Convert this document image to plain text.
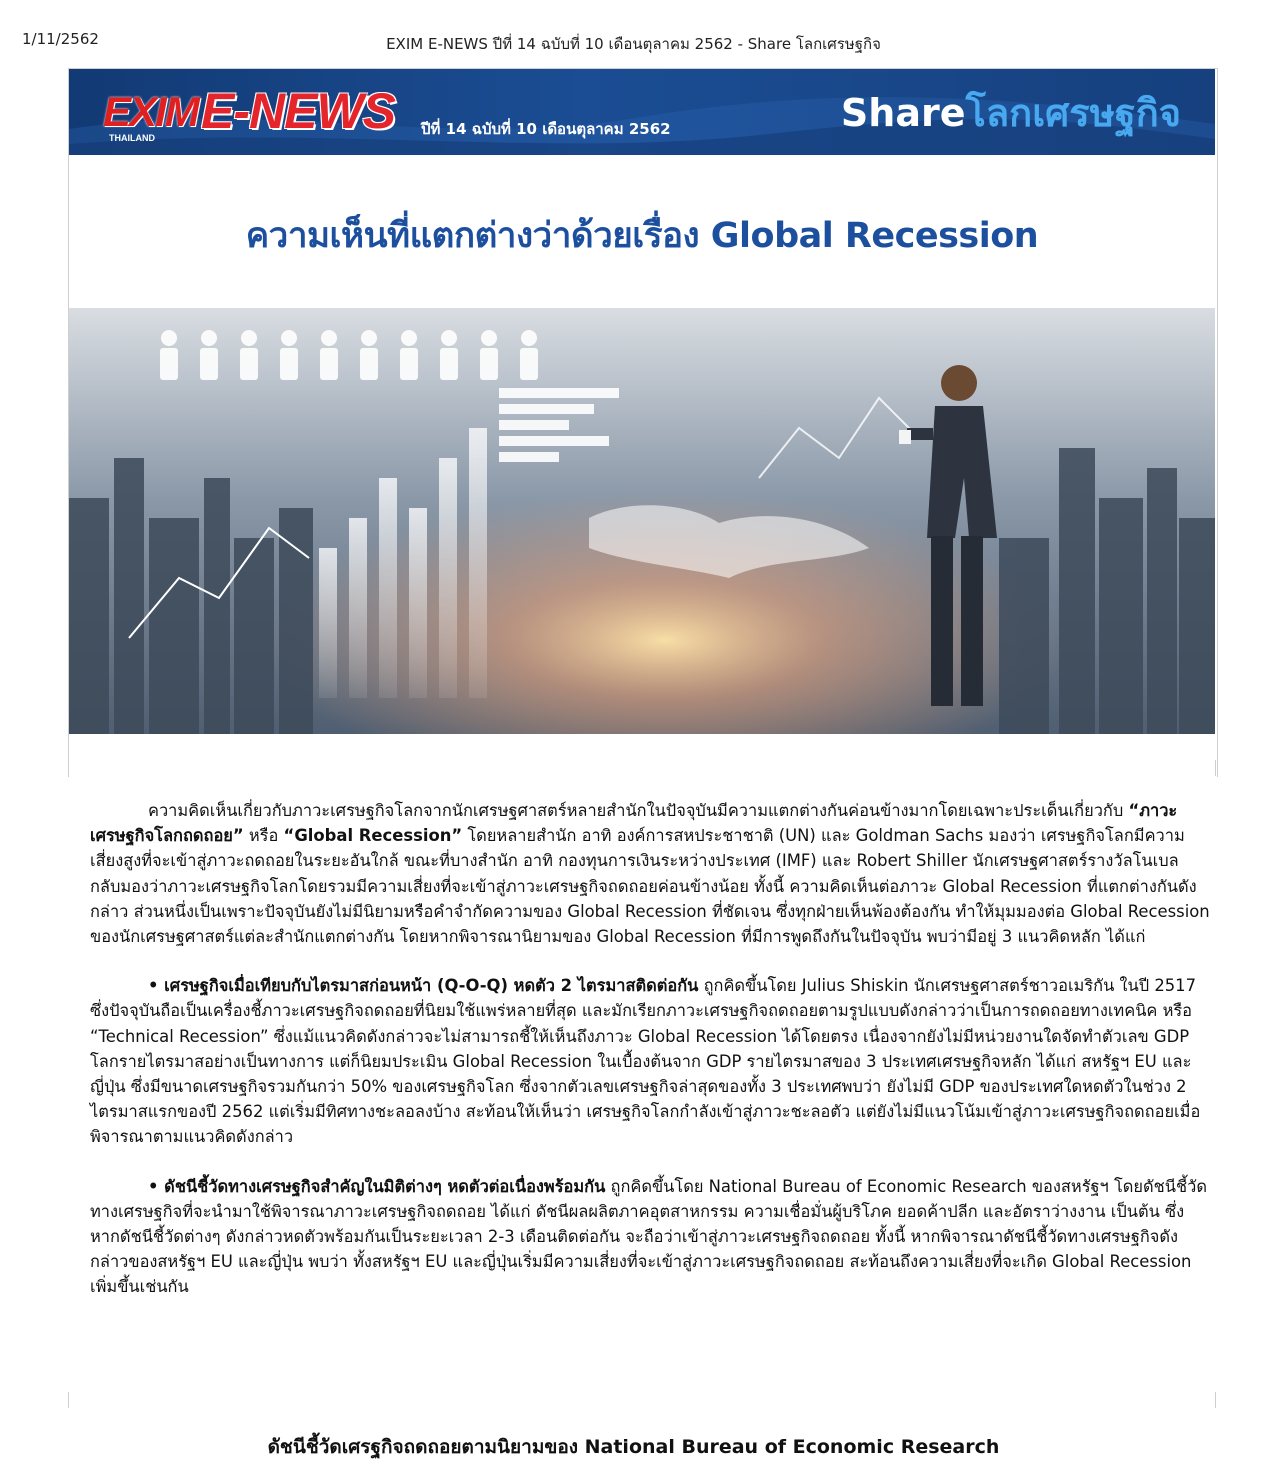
1/11/2562	EXIM E-NEWS ปีที่ 14 ฉบับที่ 10 เดือนตุลาคม 2562 - Share โลกเศรษฐกิจ
EXIM
THAILAND E-NEWS ปีที่ 14 ฉบับที่ 10 เดือนตุลาคม 2562	Shareโลกเศรษฐกิจ
ความเห็นที่แตกต่างว่าด้วยเรื่อง Global Recession

ความคิดเห็นเกี่ยวกับภาวะเศรษฐกิจโลกจากนักเศรษฐศาสตร์หลายสำนักในปัจจุบันมีความแตกต่างกันค่อนข้างมากโดยเฉพาะประเด็นเกี่ยวกับ “ภาวะเศรษฐกิจโลกถดถอย” หรือ “Global Recession” โดยหลายสำนัก อาทิ องค์การสหประชาชาติ (UN) และ Goldman Sachs มองว่า เศรษฐกิจโลกมีความเสี่ยงสูงที่จะเข้าสู่ภาวะถดถอยในระยะอันใกล้ ขณะที่บางสำนัก อาทิ กองทุนการเงินระหว่างประเทศ (IMF) และ Robert Shiller นักเศรษฐศาสตร์รางวัลโนเบล กลับมองว่าภาวะเศรษฐกิจโลกโดยรวมมีความเสี่ยงที่จะเข้าสู่ภาวะเศรษฐกิจถดถอยค่อนข้างน้อย ทั้งนี้ ความคิดเห็นต่อภาวะ Global Recession ที่แตกต่างกันดังกล่าว ส่วนหนึ่งเป็นเพราะปัจจุบันยังไม่มีนิยามหรือคำจำกัดความของ Global Recession ที่ชัดเจน ซึ่งทุกฝ่ายเห็นพ้องต้องกัน ทำให้มุมมองต่อ Global Recession ของนักเศรษฐศาสตร์แต่ละสำนักแตกต่างกัน โดยหากพิจารณานิยามของ Global Recession ที่มีการพูดถึงกันในปัจจุบัน พบว่ามีอยู่ 3 แนวคิดหลัก ได้แก่

• เศรษฐกิจเมื่อเทียบกับไตรมาสก่อนหน้า (Q-O-Q) หดตัว 2 ไตรมาสติดต่อกัน ถูกคิดขึ้นโดย Julius Shiskin นักเศรษฐศาสตร์ชาวอเมริกัน ในปี 2517 ซึ่งปัจจุบันถือเป็นเครื่องชี้ภาวะเศรษฐกิจถดถอยที่นิยมใช้แพร่หลายที่สุด และมักเรียกภาวะเศรษฐกิจถดถอยตามรูปแบบดังกล่าวว่าเป็นการถดถอยทางเทคนิค หรือ “Technical Recession” ซึ่งแม้แนวคิดดังกล่าวจะไม่สามารถชี้ให้เห็นถึงภาวะ Global Recession ได้โดยตรง เนื่องจากยังไม่มีหน่วยงานใดจัดทำตัวเลข GDP โลกรายไตรมาสอย่างเป็นทางการ แต่ก็นิยมประเมิน Global Recession ในเบื้องต้นจาก GDP รายไตรมาสของ 3 ประเทศเศรษฐกิจหลัก ได้แก่ สหรัฐฯ EU และญี่ปุ่น ซึ่งมีขนาดเศรษฐกิจรวมกันกว่า 50% ของเศรษฐกิจโลก ซึ่งจากตัวเลขเศรษฐกิจล่าสุดของทั้ง 3 ประเทศพบว่า ยังไม่มี GDP ของประเทศใดหดตัวในช่วง 2 ไตรมาสแรกของปี 2562 แต่เริ่มมีทิศทางชะลอลงบ้าง สะท้อนให้เห็นว่า เศรษฐกิจโลกกำลังเข้าสู่ภาวะชะลอตัว แต่ยังไม่มีแนวโน้มเข้าสู่ภาวะเศรษฐกิจถดถอยเมื่อพิจารณาตามแนวคิดดังกล่าว

• ดัชนีชี้วัดทางเศรษฐกิจสำคัญในมิติต่างๆ หดตัวต่อเนื่องพร้อมกัน ถูกคิดขึ้นโดย National Bureau of Economic Research ของสหรัฐฯ โดยดัชนีชี้วัดทางเศรษฐกิจที่จะนำมาใช้พิจารณาภาวะเศรษฐกิจถดถอย ได้แก่ ดัชนีผลผลิตภาคอุตสาหกรรม ความเชื่อมั่นผู้บริโภค ยอดค้าปลีก และอัตราว่างงาน เป็นต้น ซึ่งหากดัชนีชี้วัดต่างๆ ดังกล่าวหดตัวพร้อมกันเป็นระยะเวลา 2-3 เดือนติดต่อกัน จะถือว่าเข้าสู่ภาวะเศรษฐกิจถดถอย ทั้งนี้ หากพิจารณาดัชนีชี้วัดทางเศรษฐกิจดังกล่าวของสหรัฐฯ EU และญี่ปุ่น พบว่า ทั้งสหรัฐฯ EU และญี่ปุ่นเริ่มมีความเสี่ยงที่จะเข้าสู่ภาวะเศรษฐกิจถดถอย สะท้อนถึงความเสี่ยงที่จะเกิด Global Recession เพิ่มขึ้นเช่นกัน

ดัชนีชี้วัดเศรฐกิจถดถอยตามนิยามของ National Bureau of Economic Research
